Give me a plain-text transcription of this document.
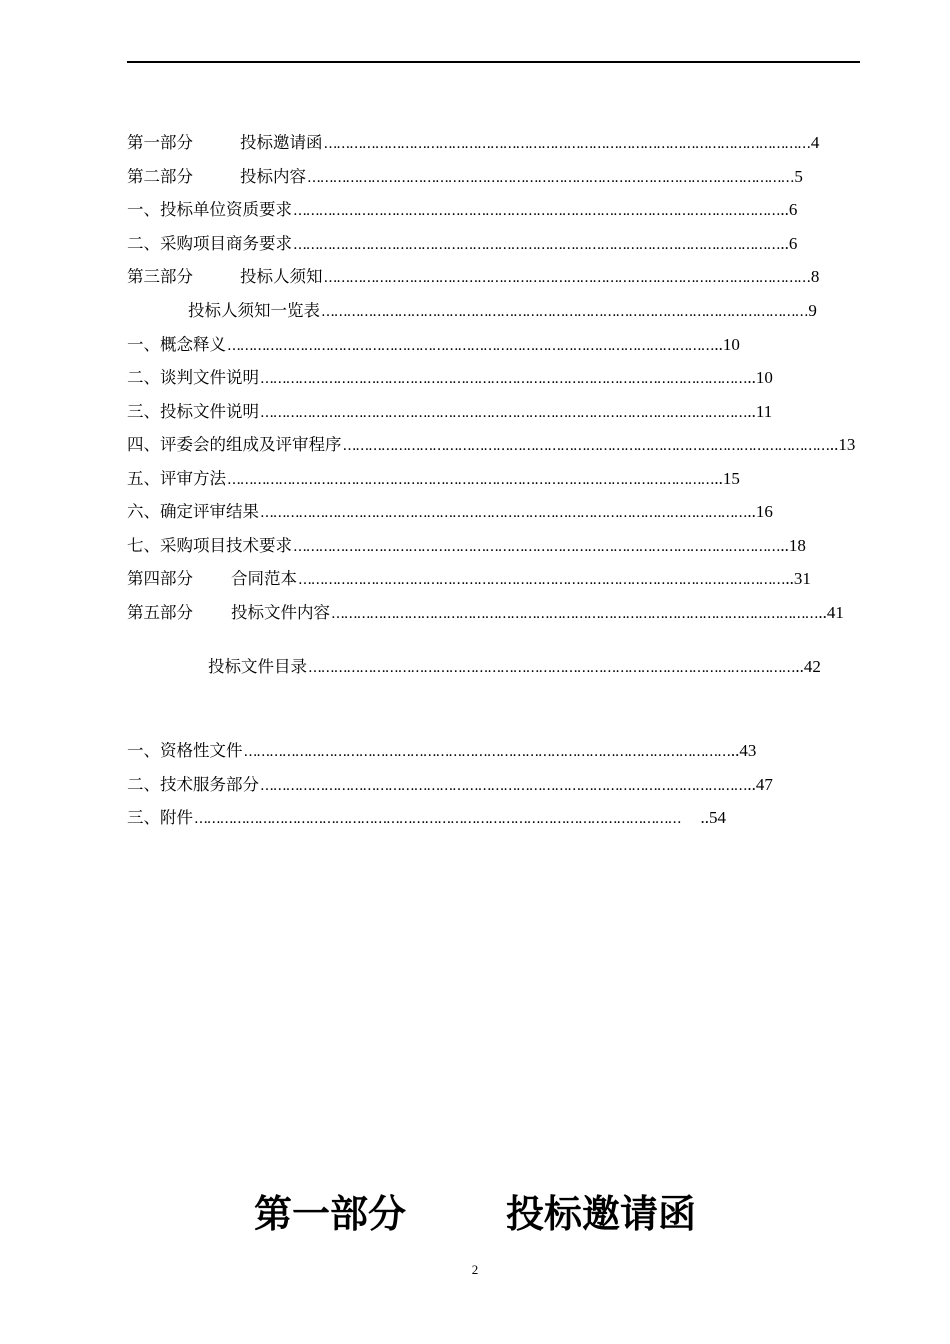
第一部分	投标邀请函 …………………………………………………………………………………………………… 4
第二部分	投标内容 …………………………………………………………………………………………………… 5
一、投标单位资质要求 …………………………………………………………………………………………………… ..6
二、采购项目商务要求 …………………………………………………………………………………………………… ..6
第三部分	投标人须知 …………………………………………………………………………………………………… 8
投标人须知一览表 …………………………………………………………………………………………………… 9
一、概念释义 …………………………………………………………………………………………………… ..10
二、谈判文件说明 …………………………………………………………………………………………………… ..10
三、投标文件说明 …………………………………………………………………………………………………… ..11
四、评委会的组成及评审程序 …………………………………………………………………………………………………… ..13
五、评审方法 …………………………………………………………………………………………………… ..15
六、确定评审结果 …………………………………………………………………………………………………… ..16
七、采购项目技术要求 …………………………………………………………………………………………………… ..18
第四部分 合同范本 …………………………………………………………………………………………………… ..31
第五部分 投标文件内容 …………………………………………………………………………………………………… ..41
投标文件目录 …………………………………………………………………………………………………… ..42
一、资格性文件 …………………………………………………………………………………………………… ..43
二、技术服务部分 …………………………………………………………………………………………………… ..47
三、附件 ……………………………………………………………………………………………………	..54
第一部分	投标邀请函
2
